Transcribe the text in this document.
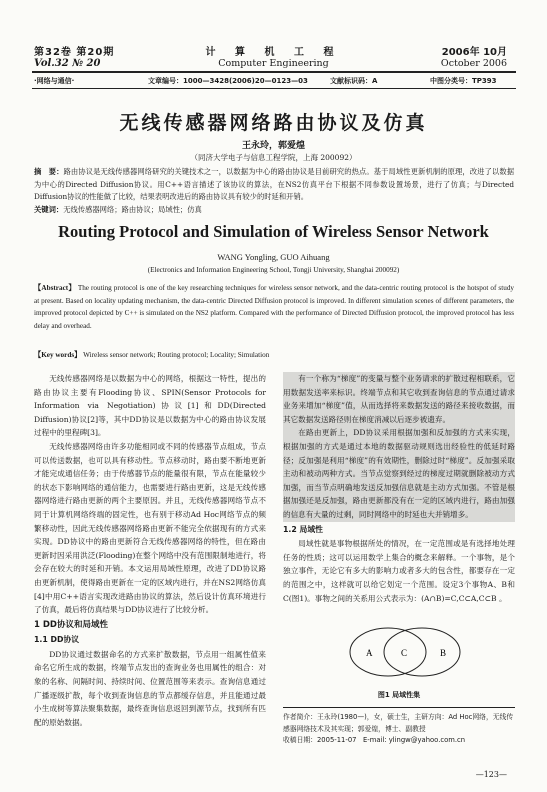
第32卷 第20期
Vol.32 № 20
计 算 机 工 程
Computer Engineering
2006年 10月
October 2006
·网络与通信·	文章编号：1000—3428(2006)20—0123—03	文献标识码：A	中图分类号：TP393
无线传感器网络路由协议及仿真
王永玲，郭爱煌
（同济大学电子与信息工程学院，上海 200092）
摘　要：路由协议是无线传感器网络研究的关键技术之一，以数据为中心的路由协议是目前研究的热点。基于局域性更新机制的原理，改进了以数据为中心的Directed Diffusion协议。用C++语言描述了该协议的算法，在NS2仿真平台下根据不同参数设置场景，进行了仿真；与Directed Diffusion协议的性能做了比较，结果表明改进后的路由协议具有较少的时延和开销。
关键词：无线传感器网络；路由协议；局域性；仿真
Routing Protocol and Simulation of Wireless Sensor Network
WANG Yongling, GUO Aihuang
(Electronics and Information Engineering School, Tongji University, Shanghai 200092)
【Abstract】 The routing protocol is one of the key researching techniques for wireless sensor network, and the data-centric routing protocol is the hotspot of study at present. Based on locality updating mechanism, the data-centric Directed Diffusion protocol is improved. In different simulation scenes of different parameters, the improved protocol depicted by C++ is simulated on the NS2 platform. Compared with the performance of Directed Diffusion protocol, the improved protocol has less delay and overhead.
【Key words】 Wireless sensor network; Routing protocol; Locality; Simulation

无线传感器网络是以数据为中心的网络，根据这一特性，提出的路由协议主要有Flooding协议、SPIN(Sensor Protocols for Information via Negotiation)协议[1]和DD(Directed Diffusion)协议[2]等，其中DD协议是以数据为中心的路由协议发展过程中的里程碑[3]。

无线传感器网络由许多功能相同或不同的传感器节点组成，节点可以传送数据，也可以具有移动性。节点移动时，路由要不断地更新才能完成通信任务；由于传感器节点的能量很有限，节点在能量较少的状态下影响网络的通信能力，也需要进行路由更新，这是无线传感器网络进行路由更新的两个主要原因。并且，无线传感器网络节点不同于计算机网络终端的固定性，也有别于移动Ad Hoc网络节点的频繁移动性，因此无线传感器网络路由更新不能完全依据现有的方式来实现。DD协议中的路由更新符合无线传感器网络的特性，但在路由更新时因采用洪泛(Flooding)在整个网络中没有范围限制地进行，将会存在较大的时延和开销。本文运用局域性原理，改进了DD协议路由更新机制，使得路由更新在一定的区域内进行，并在NS2网络仿真[4]中用C++语言实现改进路由协议的算法，然后设计仿真环境进行了仿真，最后将仿真结果与DD协议进行了比较分析。

1 DD协议和局域性
1.1 DD协议

DD协议通过数据命名的方式来扩散数据，节点用一组属性值来命名它所生成的数据，终端节点发出的查询业务也用属性的组合：对象的名称、间隔时间、持续时间、位置范围等来表示。查询信息通过广播逐级扩散，每个收到查询信息的节点都缓存信息，并且能通过最小生成树等算法聚集数据，最终查询信息返回到源节点，找到所有匹配的原始数据。

有一个称为“梯度”的变量与整个业务请求的扩散过程相联系，它用数据发送率来标识。终端节点和其它收到查询信息的节点通过请求业务来增加“梯度”值，从而选择将来数据发送的路径来接收数据，而其它数据发送路径则在梯度消减以后逐步被遗弃。

在路由更新上，DD协议采用根据加强和反加强的方式来实现，根据加强的方式是通过本地的数据驱动规则选出经验性的低延时路径；反加强是利用“梯度”的有效期性，删除过时“梯度”。反加强采取主动和被动两种方式。当节点觉察到经过的梯度过期就删除被动方式加强，而当节点明确地发送反加强信息就是主动方式加强。不管是根据加强还是反加强，路由更新都没有在一定的区域内进行，路由加强的信息有大量的过剩，同时网络中的时延也大并销增多。

1.2 局域性

局域性就是事物根据所处的情况，在一定范围或是有选择地处理任务的性质；这可以运用数学上集合的概念来解释。一个事物，是个独立事件，无论它有多大的影响力或者多大的包含性，都要存在一定的范围之中，这样就可以给它划定一个范围。设定3个事物A、B和C(图1)。事物之间的关系用公式表示为：(A∩B)=C,C⊂A,C⊂B 。

A	C	B
图1 局域性集
作者简介：王永玲(1980—)，女，硕士生，主研方向：Ad Hoc网络，无线传感器网络技术及其实现；郭爱煌，博士、副教授
收稿日期：2005-11-07 E-mail: ylingw@yahoo.com.cn
—123—
